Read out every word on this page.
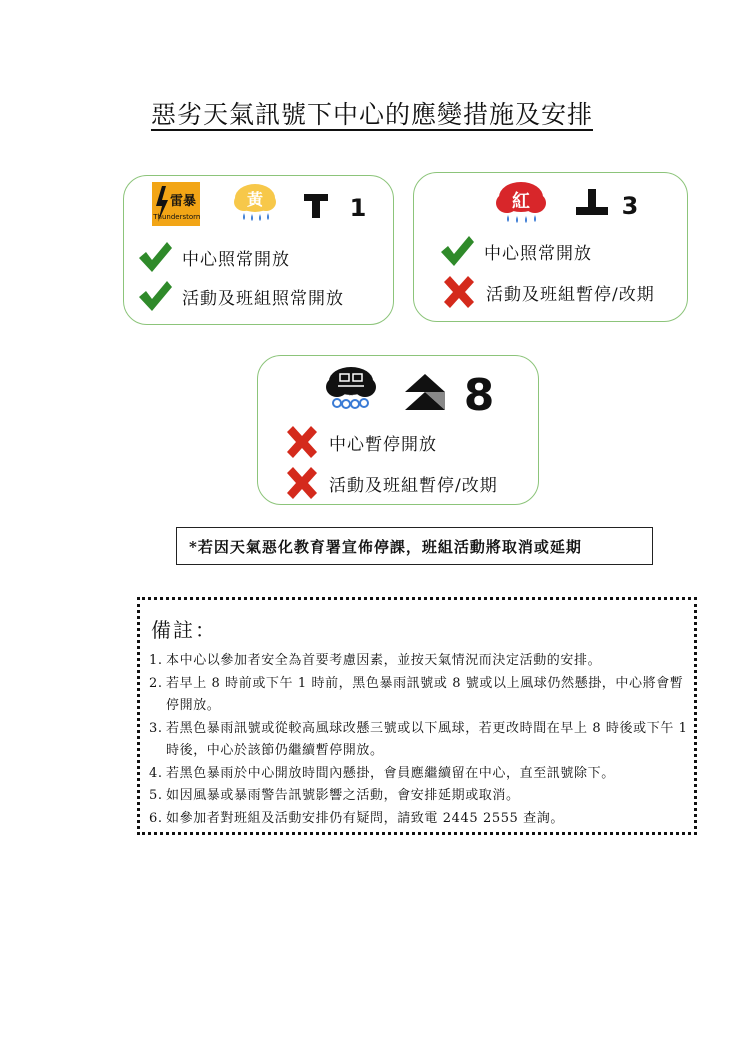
惡劣天氣訊號下中心的應變措施及安排
雷暴
Thunderstorm
黃	1
中心照常開放
活動及班組照常開放
紅	3
中心照常開放
活動及班組暫停/改期
黑	8
中心暫停開放
活動及班組暫停/改期
*若因天氣惡化教育署宣佈停課，班組活動將取消或延期
備註：
1. 本中心以參加者安全為首要考慮因素，並按天氣情況而決定活動的安排。
2. 若早上 8 時前或下午 1 時前，黑色暴雨訊號或 8 號或以上風球仍然懸掛，中心將會暫停開放。
3. 若黑色暴雨訊號或從較高風球改懸三號或以下風球，若更改時間在早上 8 時後或下午 1 時後，中心於該節仍繼續暫停開放。
4. 若黑色暴雨於中心開放時間內懸掛，會員應繼續留在中心，直至訊號除下。
5. 如因風暴或暴雨警告訊號影響之活動，會安排延期或取消。
6. 如參加者對班組及活動安排仍有疑問，請致電 2445 2555 查詢。
